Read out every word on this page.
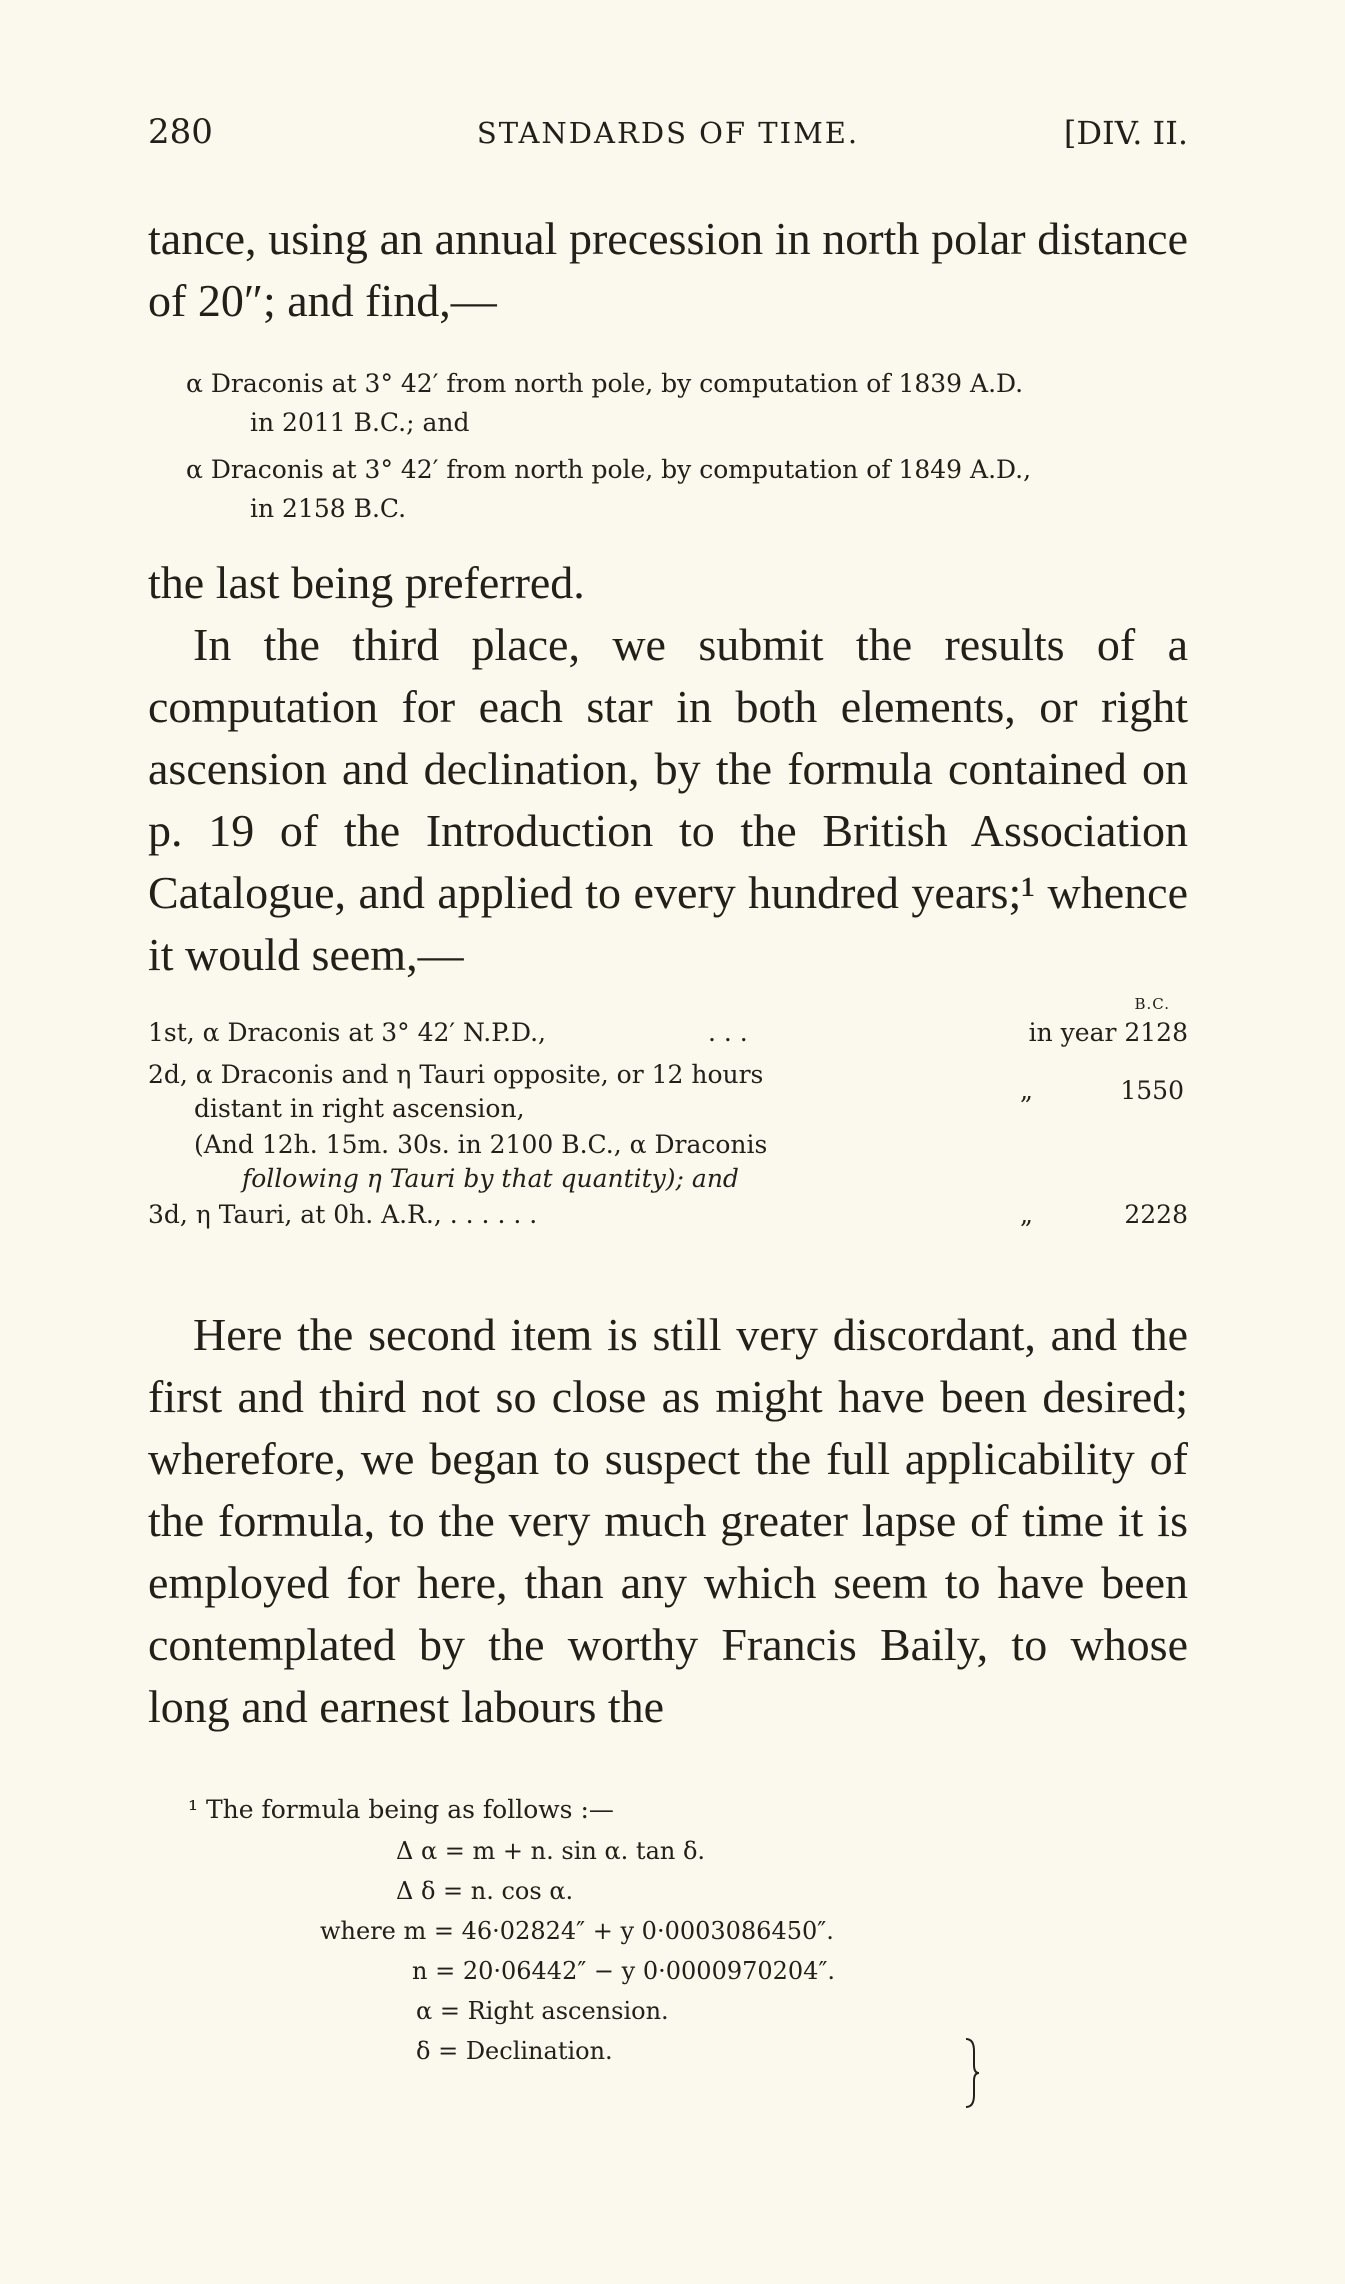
280	STANDARDS OF TIME.	[DIV. II.

tance, using an annual precession in north polar distance of 20″; and find,—

α Draconis at 3° 42′ from north pole, by computation of 1839 A.D.
in 2011 B.C.; and

α Draconis at 3° 42′ from north pole, by computation of 1849 A.D.,
in 2158 B.C.

the last being preferred.

In the third place, we submit the results of a computation for each star in both elements, or right ascension and declination, by the formula contained on p. 19 of the Introduction to the British Association Catalogue, and applied to every hundred years;¹ whence it would seem,—

B.C.
1st, α Draconis at 3° 42′ N.P.D.,	. . .	in year 2128
2d, α Draconis and η Tauri opposite, or 12 hours
distant in right ascension,
„	1550
(And 12h. 15m. 30s. in 2100 B.C., α Draconis
following η Tauri by that quantity); and
3d, η Tauri, at 0h. A.R., . . . . . .	„	2228

Here the second item is still very discordant, and the first and third not so close as might have been desired; wherefore, we began to suspect the full applicability of the formula, to the very much greater lapse of time it is employed for here, than any which seem to have been contemplated by the worthy Francis Baily, to whose long and earnest labours the

¹ The formula being as follows :—
Δ α = m + n. sin α. tan δ.
Δ δ = n. cos α.
where m = 46·02824″ + y 0·0003086450″.
n = 20·06442″ − y 0·0000970204″.
α = Right ascension.
δ = Declination.
